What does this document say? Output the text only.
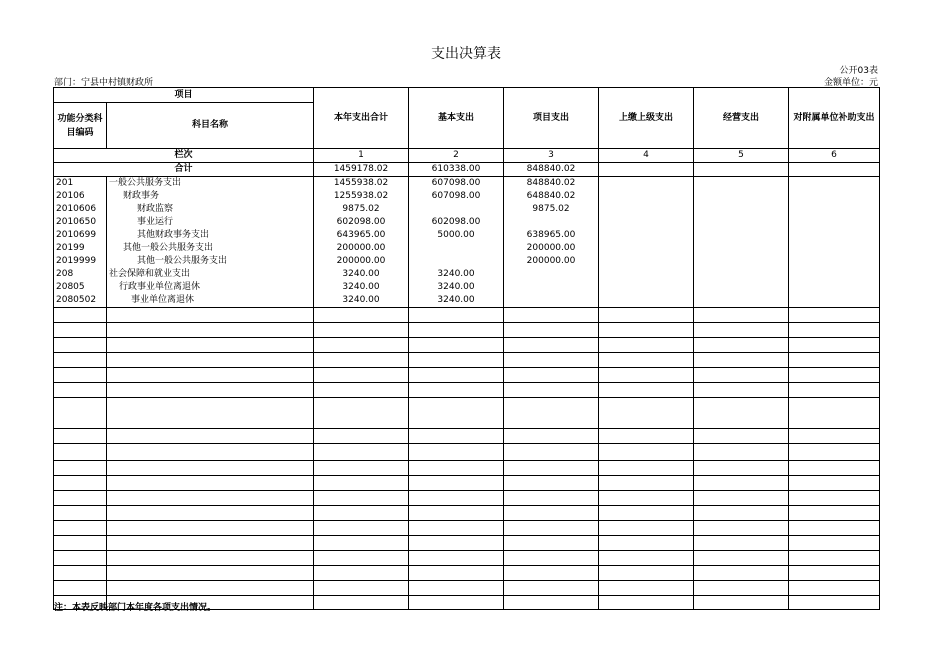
支出决算表
公开03表
部门：宁县中村镇财政所	金额单位：元
项目		本年支出合计	基本支出	项目支出	上缴上级支出	经营支出	对附属单位补助支出
功能分类科目编码	科目名称						
栏次		1	2	3	4	5	6
合计		1459178.02	610338.00	848840.02			
201	一般公共服务支出	1455938.02	607098.00	848840.02			
20106	财政事务	1255938.02	607098.00	648840.02			
2010606	财政监察	9875.02		9875.02			
2010650	事业运行	602098.00	602098.00				
2010699	其他财政事务支出	643965.00	5000.00	638965.00			
20199	其他一般公共服务支出	200000.00		200000.00			
2019999	其他一般公共服务支出	200000.00		200000.00			
208	社会保障和就业支出	3240.00	3240.00				
20805	行政事业单位离退休	3240.00	3240.00				
2080502	事业单位离退休	3240.00	3240.00				

注：本表反映部门本年度各项支出情况。
